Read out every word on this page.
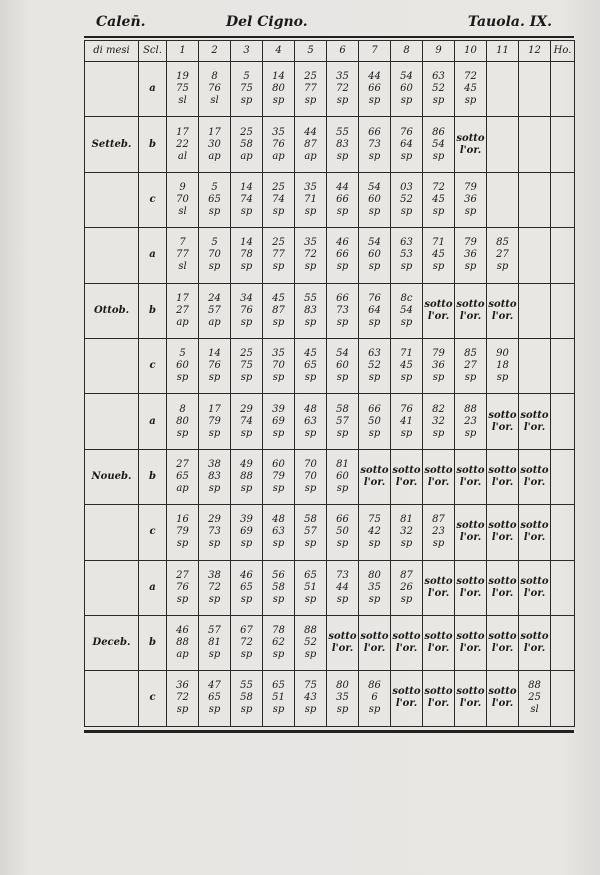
Calen̄.	Del Cigno.	Tauola. IX.
di mesi	Scl.	1	2	3	4	5	6	7	8	9	10	11	12	Ho.
	a	19
75
sl	8
76
sl	5
75
sp	14
80
sp	25
77
sp	35
72
sp	44
66
sp	54
60
sp	63
52
sp	72
45
sp			

Setteb.	b	17
22
al	17
30
ap	25
58
ap	35
76
ap	44
87
ap	55
83
sp	66
73
sp	76
64
sp	86
54
sp	sotto
l'or.			

	c	9
70
sl	5
65
sp	14
74
sp	25
74
sp	35
71
sp	44
66
sp	54
60
sp	03
52
sp	72
45
sp	79
36
sp			

	a	7
77
sl	5
70
sp	14
78
sp	25
77
sp	35
72
sp	46
66
sp	54
60
sp	63
53
sp	71
45
sp	79
36
sp	85
27
sp		

Ottob.	b	17
27
ap	24
57
ap	34
76
sp	45
87
sp	55
83
sp	66
73
sp	76
64
sp	8c
54
sp	sotto
l'or.	sotto
l'or.	sotto
l'or.		

	c	5
60
sp	14
76
sp	25
75
sp	35
70
sp	45
65
sp	54
60
sp	63
52
sp	71
45
sp	79
36
sp	85
27
sp	90
18
sp		

	a	8
80
sp	17
79
sp	29
74
sp	39
69
sp	48
63
sp	58
57
sp	66
50
sp	76
41
sp	82
32
sp	88
23
sp	sotto
l'or.	sotto
l'or.	

Noueb.	b	27
65
ap	38
83
sp	49
88
sp	60
79
sp	70
70
sp	81
60
sp	sotto
l'or.	sotto
l'or.	sotto
l'or.	sotto
l'or.	sotto
l'or.	sotto
l'or.	

	c	16
79
sp	29
73
sp	39
69
sp	48
63
sp	58
57
sp	66
50
sp	75
42
sp	81
32
sp	87
23
sp	sotto
l'or.	sotto
l'or.	sotto
l'or.	

	a	27
76
sp	38
72
sp	46
65
sp	56
58
sp	65
51
sp	73
44
sp	80
35
sp	87
26
sp	sotto
l'or.	sotto
l'or.	sotto
l'or.	sotto
l'or.	

Deceb.	b	46
88
ap	57
81
sp	67
72
sp	78
62
sp	88
52
sp	sotto
l'or.	sotto
l'or.	sotto
l'or.	sotto
l'or.	sotto
l'or.	sotto
l'or.	sotto
l'or.	

	c	36
72
sp	47
65
sp	55
58
sp	65
51
sp	75
43
sp	80
35
sp	86
6
sp	sotto
l'or.	sotto
l'or.	sotto
l'or.	sotto
l'or.	88
25
sl	
